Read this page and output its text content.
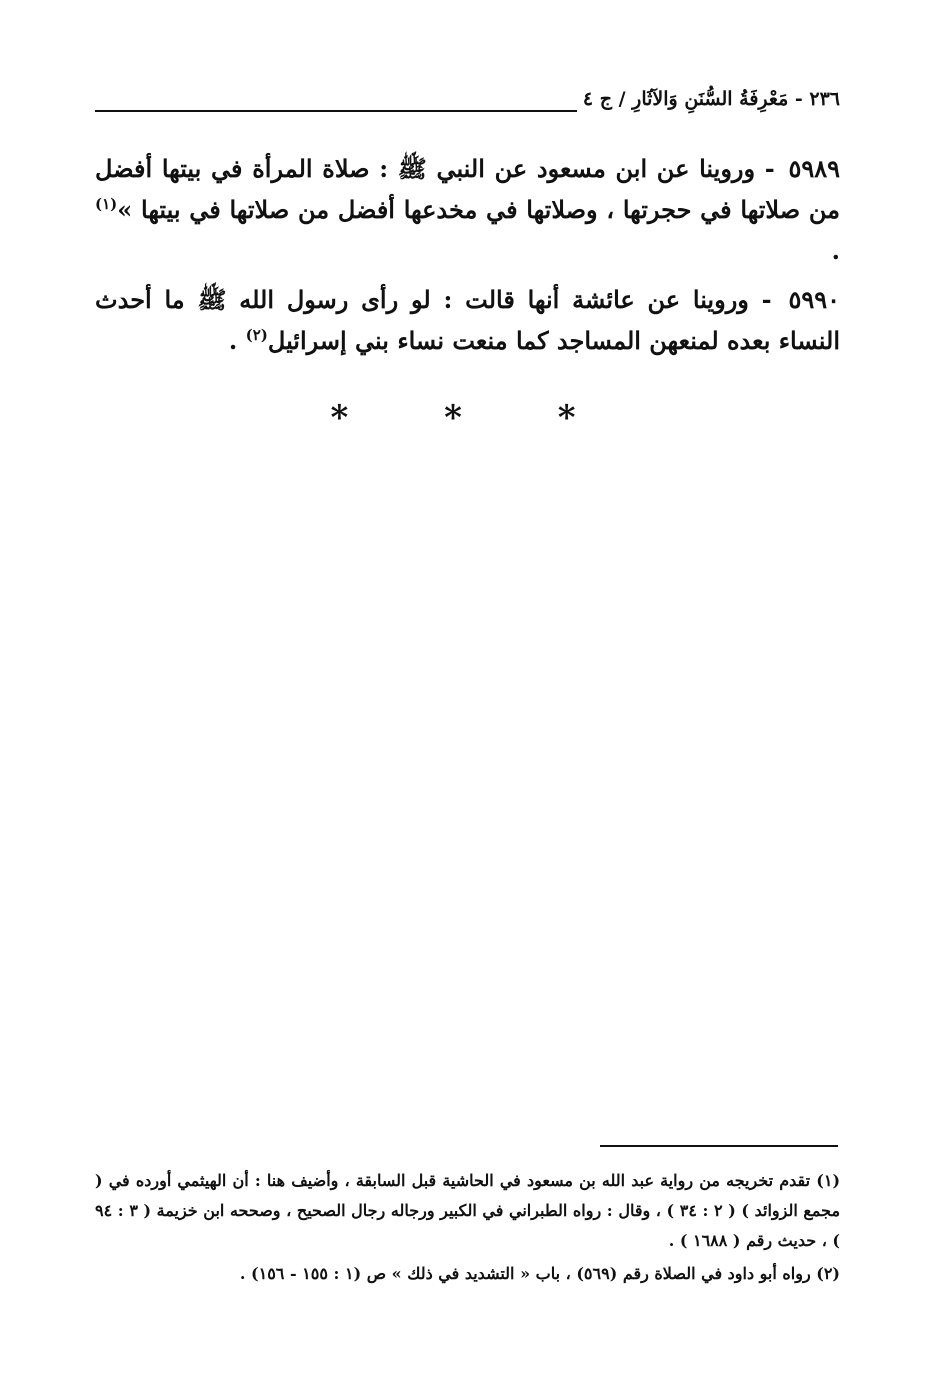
٢٣٦ - مَعْرِفَةُ السُّنَنِ وَالآثَارِ / ج ٤

٥٩٨٩ - وروينا عن ابن مسعود عن النبي ﷺ : صلاة المرأة في بيتها أفضل من صلاتها في حجرتها ، وصلاتها في مخدعها أفضل من صلاتها في بيتها »$^{(١)}$ .

٥٩٩٠ - وروينا عن عائشة أنها قالت : لو رأى رسول الله ﷺ ما أحدث النساء بعده لمنعهن المساجد كما منعت نساء بني إسرائيل$^{(٢)}$ .

* * *

(١) تقدم تخريجه من رواية عبد الله بن مسعود في الحاشية قبل السابقة ، وأضيف هنا : أن الهيثمي أورده في ( مجمع الزوائد ) ( ٢ : ٣٤ ) ، وقال : رواه الطبراني في الكبير ورجاله رجال الصحيح ، وصححه ابن خزيمة ( ٣ : ٩٤ ) ، حديث رقم ( ١٦٨٨ ) .

(٢) رواه أبو داود في الصلاة رقم (٥٦٩) ، باب « التشديد في ذلك » ص (١ : ١٥٥ - ١٥٦) .
